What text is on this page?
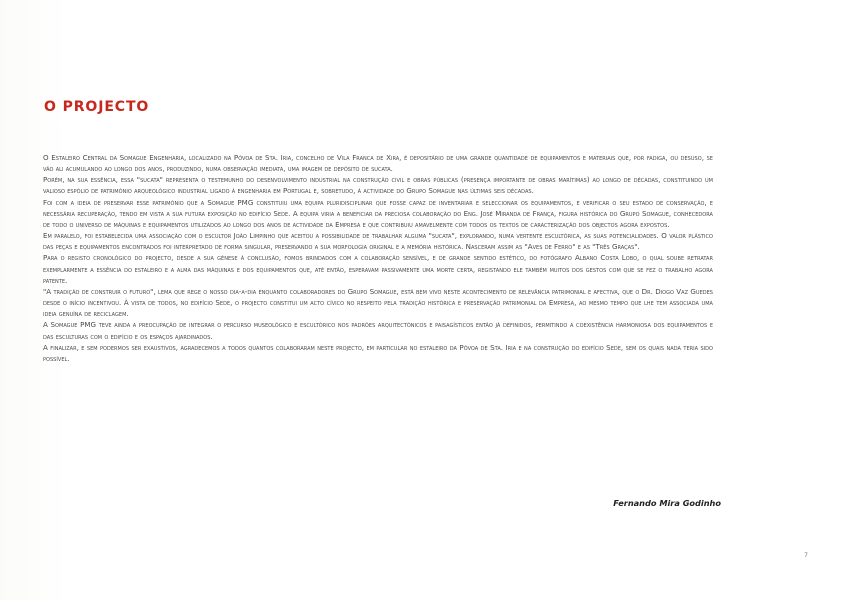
O PROJECTO

O Estaleiro Central da Somague Engenharia, localizado na Póvoa de Sta. Iria, concelho de Vila Franca de Xira, é depositário de uma grande quantidade de equipamentos e materiais que, por fadiga, ou desuso, se vão ali acumulando ao longo dos anos, produzindo, numa observação imediata, uma imagem de depósito de sucata.

Porém, na sua essência, essa "sucata" representa o testemunho do desenvolvimento industrial na construção civil e obras públicas (presença importante de obras marítimas) ao longo de décadas, constituindo um valioso espólio de património arqueológico industrial ligado à engenharia em Portugal e, sobretudo, à actividade do Grupo Somague nas últimas seis décadas.

Foi com a ideia de preservar esse património que a Somague PMG constituiu uma equipa pluridisciplinar que fosse capaz de inventariar e seleccionar os equipamentos, e verificar o seu estado de conservação, e necessária recuperação, tendo em vista a sua futura exposição no edifício Sede. A equipa viria a beneficiar da preciosa colaboração do Eng. José Miranda de França, figura histórica do Grupo Somague, conhecedora de todo o universo de máquinas e equipamentos utilizados ao longo dos anos de actividade da Empresa e que contribuiu amavelmente com todos os textos de caracterização dos objectos agora expostos.

Em paralelo, foi estabelecida uma associação com o escultor João Limpinho que aceitou a possibilidade de trabalhar alguma "sucata", explorando, numa vertente escultórica, as suas potencialidades. O valor plástico das peças e equipamentos encontrados foi interpretado de forma singular, preservando a sua morfologia original e a memória histórica. Nasceram assim as "Aves de Ferro" e as "Três Graças".

Para o registo cronológico do projecto, desde a sua génese à conclusão, fomos brindados com a colaboração sensível, e de grande sentido estético, do fotógrafo Albano Costa Lobo, o qual soube retratar exemplarmente a essência do estaleiro e a alma das máquinas e dos equipamentos que, até então, esperavam passivamente uma morte certa, registando ele também muitos dos gestos com que se fez o trabalho agora patente.

"A tradição de construir o futuro", lema que rege o nosso dia-a-dia enquanto colaboradores do Grupo Somague, está bem vivo neste acontecimento de relevância patrimonial e afectiva, que o Dr. Diogo Vaz Guedes desde o início incentivou. À vista de todos, no edifício Sede, o projecto constitui um acto cívico no respeito pela tradição histórica e preservação patrimonial da Empresa, ao mesmo tempo que lhe tem associada uma ideia genuína de reciclagem.

A Somague PMG teve ainda a preocupação de integrar o percurso museológico e escultórico nos padrões arquitectónicos e paisagísticos então já definidos, permitindo a coexistência harmoniosa dos equipamentos e das esculturas com o edifício e os espaços ajardinados.

A finalizar, e sem podermos ser exaustivos, agradecemos a todos quantos colaboraram neste projecto, em particular no estaleiro da Póvoa de Sta. Iria e na construção do edifício Sede, sem os quais nada teria sido possível.

Fernando Mira Godinho

7
